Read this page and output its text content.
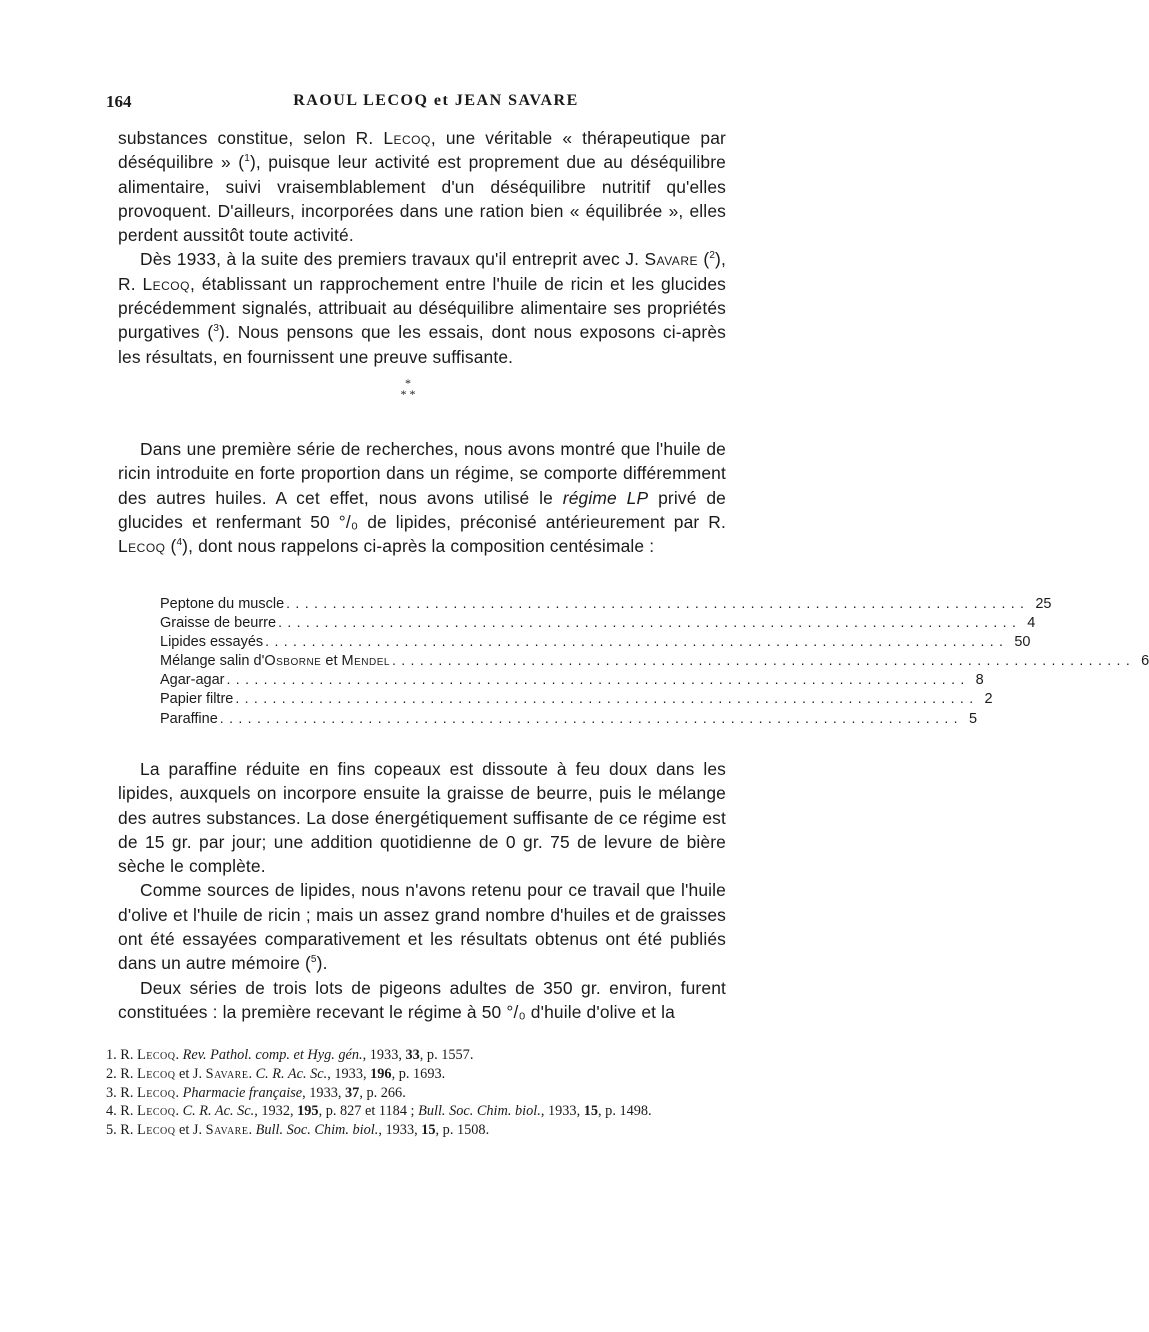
164	RAOUL LECOQ et JEAN SAVARE

substances constitue, selon R. Lecoq, une véritable « thérapeutique par déséquilibre » ($^1$), puisque leur activité est proprement due au déséquilibre alimentaire, suivi vraisemblablement d'un déséquilibre nutritif qu'elles provoquent. D'ailleurs, incorporées dans une ration bien « équilibrée », elles perdent aussitôt toute activité.

Dès 1933, à la suite des premiers travaux qu'il entreprit avec J. Savare ($^2$), R. Lecoq, établissant un rapprochement entre l'huile de ricin et les glucides précédemment signalés, attribuait au déséquilibre alimentaire ses propriétés purgatives ($^3$). Nous pensons que les essais, dont nous exposons ci-après les résultats, en fournissent une preuve suffisante.

*
* *

Dans une première série de recherches, nous avons montré que l'huile de ricin introduite en forte proportion dans un régime, se comporte différemment des autres huiles. A cet effet, nous avons utilisé le régime LP privé de glucides et renfermant 50 °/₀ de lipides, préconisé antérieurement par R. Lecoq ($^4$), dont nous rappelons ci-après la composition centésimale :

Peptone du muscle ................................................................................ 25
Graisse de beurre ................................................................................ 4
Lipides essayés ................................................................................ 50
Mélange salin d'Osborne et Mendel ................................................................................ 6
Agar-agar ................................................................................ 8
Papier filtre ................................................................................ 2
Paraffine ................................................................................ 5

La paraffine réduite en fins copeaux est dissoute à feu doux dans les lipides, auxquels on incorpore ensuite la graisse de beurre, puis le mélange des autres substances. La dose énergétiquement suffisante de ce régime est de 15 gr. par jour; une addition quotidienne de 0 gr. 75 de levure de bière sèche le complète.

Comme sources de lipides, nous n'avons retenu pour ce travail que l'huile d'olive et l'huile de ricin ; mais un assez grand nombre d'huiles et de graisses ont été essayées comparativement et les résultats obtenus ont été publiés dans un autre mémoire ($^5$).

Deux séries de trois lots de pigeons adultes de 350 gr. environ, furent constituées : la première recevant le régime à 50 °/₀ d'huile d'olive et la

1. R. Lecoq. Rev. Pathol. comp. et Hyg. gén., 1933, 33, p. 1557.

2. R. Lecoq et J. Savare. C. R. Ac. Sc., 1933, 196, p. 1693.

3. R. Lecoq. Pharmacie française, 1933, 37, p. 266.

4. R. Lecoq. C. R. Ac. Sc., 1932, 195, p. 827 et 1184 ; Bull. Soc. Chim. biol., 1933, 15, p. 1498.

5. R. Lecoq et J. Savare. Bull. Soc. Chim. biol., 1933, 15, p. 1508.
